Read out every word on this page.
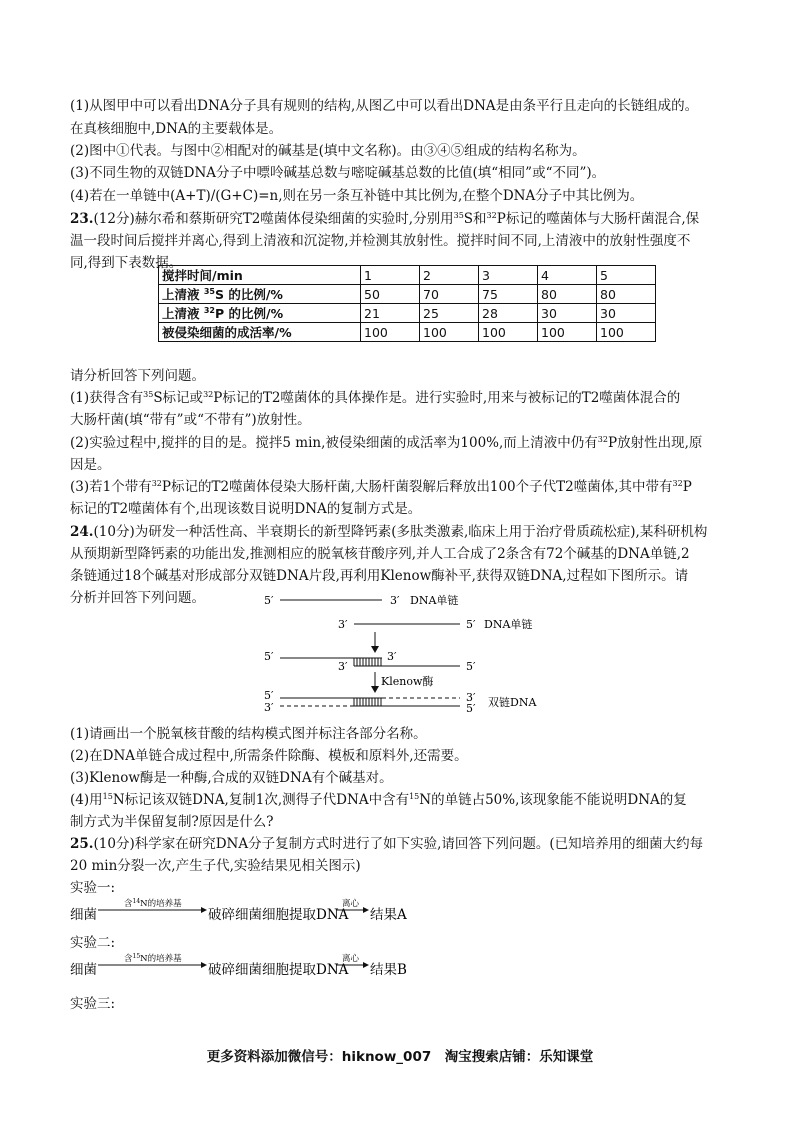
(1)从图甲中可以看出DNA分子具有规则的结构,从图乙中可以看出DNA是由条平行且走向的长链组成的。
在真核细胞中,DNA的主要载体是。
(2)图中①代表。与图中②相配对的碱基是(填中文名称)。由③④⑤组成的结构名称为。
(3)不同生物的双链DNA分子中嘌呤碱基总数与嘧啶碱基总数的比值(填“相同”或“不同”)。
(4)若在一单链中(A+T)/(G+C)=n,则在另一条互补链中其比例为,在整个DNA分子中其比例为。
23.(12分)赫尔希和蔡斯研究T2噬菌体侵染细菌的实验时,分别用$^{35}$S和$^{32}$P标记的噬菌体与大肠杆菌混合,保
温一段时间后搅拌并离心,得到上清液和沉淀物,并检测其放射性。搅拌时间不同,上清液中的放射性强度不
同,得到下表数据。
搅拌时间/min	1	2	3	4	5
上清液 $^{35}$S 的比例/%	50	70	75	80	80
上清液 $^{32}$P 的比例/%	21	25	28	30	30
被侵染细菌的成活率/%	100	100	100	100	100
请分析回答下列问题。
(1)获得含有$^{35}$S标记或$^{32}$P标记的T2噬菌体的具体操作是。进行实验时,用来与被标记的T2噬菌体混合的
大肠杆菌(填“带有”或“不带有”)放射性。
(2)实验过程中,搅拌的目的是。搅拌5 min,被侵染细菌的成活率为100%,而上清液中仍有$^{32}$P放射性出现,原
因是。
(3)若1个带有$^{32}$P标记的T2噬菌体侵染大肠杆菌,大肠杆菌裂解后释放出100个子代T2噬菌体,其中带有$^{32}$P
标记的T2噬菌体有个,出现该数目说明DNA的复制方式是。
24.(10分)为研发一种活性高、半衰期长的新型降钙素(多肽类激素,临床上用于治疗骨质疏松症),某科研机构
从预期新型降钙素的功能出发,推测相应的脱氧核苷酸序列,并人工合成了2条含有72个碱基的DNA单链,2
条链通过18个碱基对形成部分双链DNA片段,再利用Klenow酶补平,获得双链DNA,过程如下图所示。请
分析并回答下列问题。	5′	3′ DNA单链
3′	5′ DNA单链
5′	3′
3′	5′
Klenow酶
5′	3′
3′	5′ 双链DNA
(1)请画出一个脱氧核苷酸的结构模式图并标注各部分名称。
(2)在DNA单链合成过程中,所需条件除酶、模板和原料外,还需要。
(3)Klenow酶是一种酶,合成的双链DNA有个碱基对。
(4)用$^{15}$N标记该双链DNA,复制1次,测得子代DNA中含有$^{15}$N的单链占50%,该现象能不能说明DNA的复
制方式为半保留复制?原因是什么?
25.(10分)科学家在研究DNA分子复制方式时进行了如下实验,请回答下列问题。(已知培养用的细菌大约每
20 min分裂一次,产生子代,实验结果见相关图示)
实验一:
细菌
含$^{14}$N的培养基
破碎细菌细胞提取DNA
离心
结果A
实验二:
细菌
含$^{15}$N的培养基
破碎细菌细胞提取DNA
离心
结果B
实验三:
更多资料添加微信号：hiknow_007　淘宝搜索店铺：乐知课堂
